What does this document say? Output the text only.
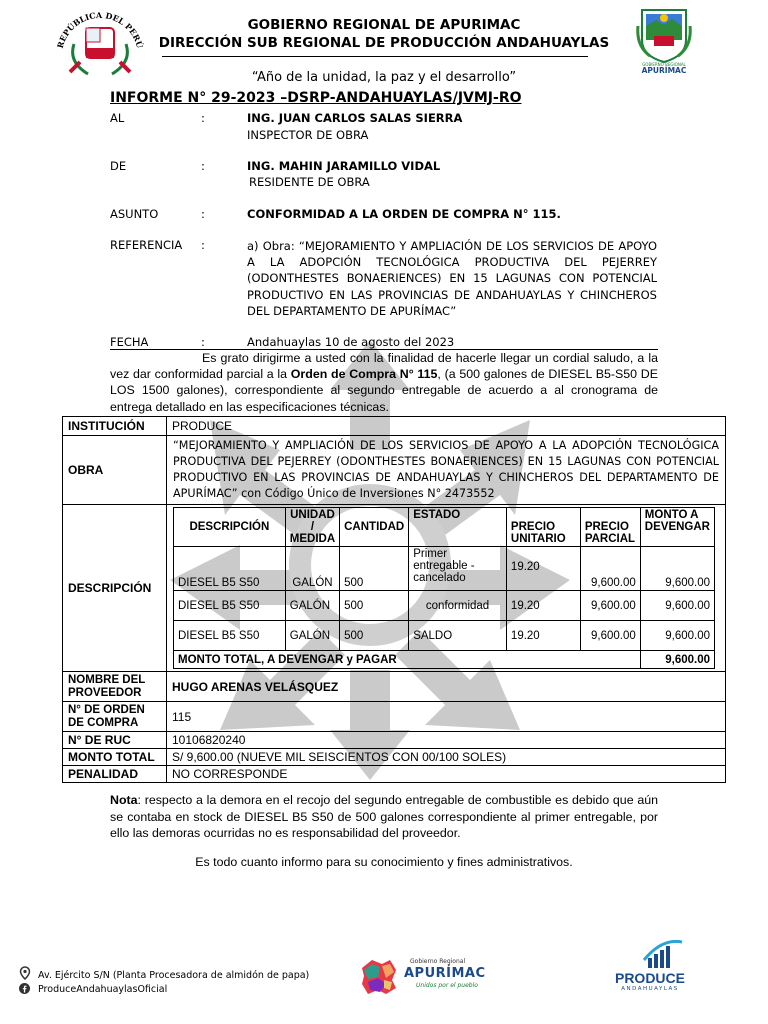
REPÚBLICA DEL PERÚ
GOBIERNO REGIONAL DE APURIMAC
DIRECCIÓN SUB REGIONAL DE PRODUCCIÓN ANDAHUAYLAS
GOBIERNO REGIONAL
APURÍMAC
“Año de la unidad, la paz y el desarrollo”
INFORME N° 29-2023 –DSRP-ANDAHUAYLAS/JVMJ-RO
AL	:	ING. JUAN CARLOS SALAS SIERRA
INSPECTOR DE OBRA
DE	:	ING. MAHIN JARAMILLO VIDAL
RESIDENTE DE OBRA
ASUNTO	:	CONFORMIDAD A LA ORDEN DE COMPRA N° 115.
REFERENCIA :	a) Obra: “MEJORAMIENTO Y AMPLIACIÓN DE LOS SERVICIOS DE APOYO A LA ADOPCIÓN TECNOLÓGICA PRODUCTIVA DEL PEJERREY (ODONTHESTES BONAERIENCES) EN 15 LAGUNAS CON POTENCIAL PRODUCTIVO EN LAS PROVINCIAS DE ANDAHUAYLAS Y CHINCHEROS DEL DEPARTAMENTO DE APURÍMAC”
FECHA	:	Andahuaylas 10 de agosto del 2023
Es grato dirigirme a usted con la finalidad de hacerle llegar un cordial saludo, a la vez dar conformidad parcial a la Orden de Compra N° 115, (a 500 galones de DIESEL B5-S50 DE LOS 1500 galones), correspondiente al segundo entregable de acuerdo a al cronograma de entrega detallado en las especificaciones técnicas.
INSTITUCIÓN	PRODUCE
OBRA	“MEJORAMIENTO Y AMPLIACIÓN DE LOS SERVICIOS DE APOYO A LA ADOPCIÓN TECNOLÓGICA PRODUCTIVA DEL PEJERREY (ODONTHESTES BONAERIENCES) EN 15 LAGUNAS CON POTENCIAL PRODUCTIVO EN LAS PROVINCIAS DE ANDAHUAYLAS Y CHINCHEROS DEL DEPARTAMENTO DE APURÍMAC” con Código Único de Inversiones N° 2473552
DESCRIPCIÓN	
DESCRIPCIÓN	UNIDAD / MEDIDA	CANTIDAD	ESTADO	PRECIO UNITARIO	PRECIO PARCIAL	MONTO A DEVENGAR
DIESEL B5 S50	GALÓN	500	Primer entregable - cancelado	19.20	9,600.00	9,600.00
DIESEL B5 S50	GALÓN	500	conformidad	19.20	9,600.00	9,600.00
DIESEL B5 S50	GALÓN	500	SALDO	19.20	9,600.00	9,600.00
MONTO TOTAL, A DEVENGAR y PAGAR	9,600.00

NOMBRE DEL PROVEEDOR	HUGO ARENAS VELÁSQUEZ
N° DE ORDEN DE COMPRA	115
N° DE RUC	10106820240
MONTO TOTAL	S/ 9,600.00 (NUEVE MIL SEISCIENTOS CON 00/100 SOLES)
PENALIDAD	NO CORRESPONDE
Nota: respecto a la demora en el recojo del segundo entregable de combustible es debido que aún se contaba en stock de DIESEL B5 S50 de 500 galones correspondiente al primer entregable, por ello las demoras ocurridas no es responsabilidad del proveedor.
Es todo cuanto informo para su conocimiento y fines administrativos.
Av. Ejército S/N (Planta Procesadora de almidón de papa)
ProduceAndahuaylasOficial
Gobierno Regional
APURÍMAC
Unidos por el pueblo	PRODUCE
ANDAHUAYLAS
